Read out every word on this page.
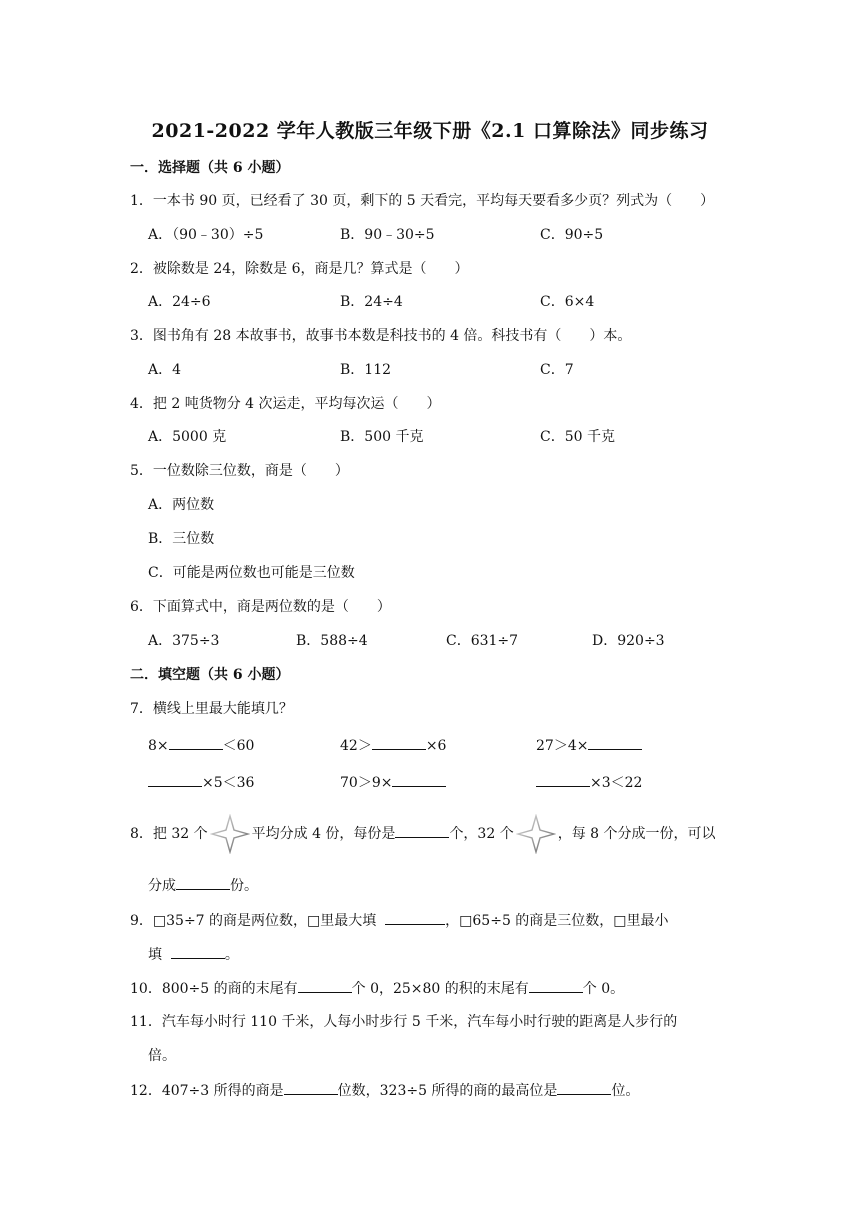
2021-2022 学年人教版三年级下册《2.1 口算除法》同步练习
一．选择题（共 6 小题）
1．一本书 90 页，已经看了 30 页，剩下的 5 天看完，平均每天要看多少页？列式为（　　）
A．（90﹣30）÷5	B．90﹣30÷5	C．90÷5
2．被除数是 24，除数是 6，商是几？算式是（　　）
A．24÷6	B．24÷4	C．6×4
3．图书角有 28 本故事书，故事书本数是科技书的 4 倍。科技书有（　　）本。
A．4	B．112	C．7
4．把 2 吨货物分 4 次运走，平均每次运（　　）
A．5000 克	B．500 千克	C．50 千克
5．一位数除三位数，商是（　　）
A．两位数
B．三位数
C．可能是两位数也可能是三位数
6．下面算式中，商是两位数的是（　　）
A．375÷3	B．588÷4	C．631÷7	D．920÷3
二．填空题（共 6 小题）
7．横线上里最大能填几？
8×	＜60	42＞	×6	27＞4×
×5＜36	70＞9×	×3＜22
8．把 32 个	平均分成 4 份，每份是	个，32 个	，每 8 个分成一份，可以
分成	份。
9．□35÷7 的商是两位数，□里最大填	，□65÷5 的商是三位数，□里最小
填	。
10．800÷5 的商的末尾有	个 0，25×80 的积的末尾有	个 0。
11．汽车每小时行 110 千米，人每小时步行 5 千米，汽车每小时行驶的距离是人步行的
倍。
12．407÷3 所得的商是	位数，323÷5 所得的商的最高位是	位。
